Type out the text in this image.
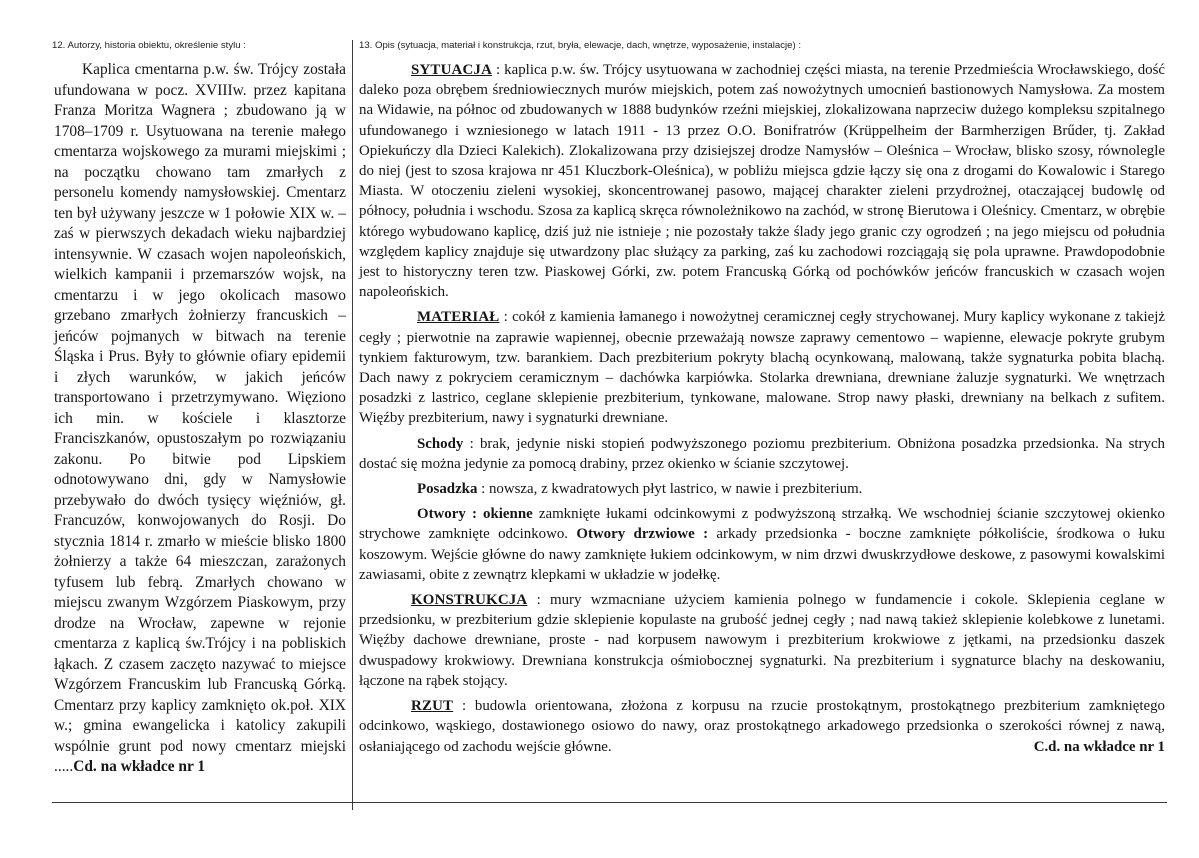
12. Autorzy, historia obiektu, określenie stylu :
Kaplica cmentarna p.w. św. Trójcy została ufundowana w pocz. XVIIIw. przez kapitana Franza Moritza Wagnera ; zbudowano ją w 1708–1709 r. Usytuowana na terenie małego cmentarza wojskowego za murami miejskimi ; na początku chowano tam zmarłych z personelu komendy namysłowskiej. Cmentarz ten był używany jeszcze w 1 połowie XIX w. – zaś w pierwszych dekadach wieku najbardziej intensywnie. W czasach wojen napoleońskich, wielkich kampanii i przemarszów wojsk, na cmentarzu i w jego okolicach masowo grzebano zmarłych żołnierzy francuskich – jeńców pojmanych w bitwach na terenie Śląska i Prus. Były to głównie ofiary epidemii i złych warunków, w jakich jeńców transportowano i przetrzymywano. Więziono ich min. w kościele i klasztorze Franciszkanów, opustoszałym po rozwiązaniu zakonu. Po bitwie pod Lipskiem odnotowywano dni, gdy w Namysłowie przebywało do dwóch tysięcy więźniów, gł. Francuzów, konwojowanych do Rosji. Do stycznia 1814 r. zmarło w mieście blisko 1800 żołnierzy a także 64 mieszczan, zarażonych tyfusem lub febrą. Zmarłych chowano w miejscu zwanym Wzgórzem Piaskowym, przy drodze na Wrocław, zapewne w rejonie cmentarza z kaplicą św.Trójcy i na pobliskich łąkach. Z czasem zaczęto nazywać to miejsce Wzgórzem Francuskim lub Francuską Górką. Cmentarz przy kaplicy zamknięto ok.poł. XIX w.; gmina ewangelicka i katolicy zakupili wspólnie grunt pod nowy cmentarz miejski .....Cd. na wkładce nr 1
13. Opis (sytuacja, materiał i konstrukcja, rzut, bryła, elewacje, dach, wnętrze, wyposażenie, instalacje) :

SYTUACJA : kaplica p.w. św. Trójcy usytuowana w zachodniej części miasta, na terenie Przedmieścia Wrocławskiego, dość daleko poza obrębem średniowiecznych murów miejskich, potem zaś nowożytnych umocnień bastionowych Namysłowa. Za mostem na Widawie, na północ od zbudowanych w 1888 budynków rzeźni miejskiej, zlokalizowana naprzeciw dużego kompleksu szpitalnego ufundowanego i wzniesionego w latach 1911 - 13 przez O.O. Bonifratrów (Krüppelheim der Barmherzigen Brűder, tj. Zakład Opiekuńczy dla Dzieci Kalekich). Zlokalizowana przy dzisiejszej drodze Namysłów – Oleśnica – Wrocław, blisko szosy, równolegle do niej (jest to szosa krajowa nr 451 Kluczbork-Oleśnica), w pobliżu miejsca gdzie łączy się ona z drogami do Kowalowic i Starego Miasta. W otoczeniu zieleni wysokiej, skoncentrowanej pasowo, mającej charakter zieleni przydrożnej, otaczającej budowlę od północy, południa i wschodu. Szosa za kaplicą skręca równoleżnikowo na zachód, w stronę Bierutowa i Oleśnicy. Cmentarz, w obrębie którego wybudowano kaplicę, dziś już nie istnieje ; nie pozostały także ślady jego granic czy ogrodzeń ; na jego miejscu od południa względem kaplicy znajduje się utwardzony plac służący za parking, zaś ku zachodowi rozciągają się pola uprawne. Prawdopodobnie jest to historyczny teren tzw. Piaskowej Górki, zw. potem Francuską Górką od pochówków jeńców francuskich w czasach wojen napoleońskich.

MATERIAŁ : cokół z kamienia łamanego i nowożytnej ceramicznej cegły strychowanej. Mury kaplicy wykonane z takiejż cegły ; pierwotnie na zaprawie wapiennej, obecnie przeważają nowsze zaprawy cementowo – wapienne, elewacje pokryte grubym tynkiem fakturowym, tzw. barankiem. Dach prezbiterium pokryty blachą ocynkowaną, malowaną, także sygnaturka pobita blachą. Dach nawy z pokryciem ceramicznym – dachówka karpiówka. Stolarka drewniana, drewniane żaluzje sygnaturki. We wnętrzach posadzki z lastrico, ceglane sklepienie prezbiterium, tynkowane, malowane. Strop nawy płaski, drewniany na belkach z sufitem. Więźby prezbiterium, nawy i sygnaturki drewniane.

Schody : brak, jedynie niski stopień podwyższonego poziomu prezbiterium. Obniżona posadzka przedsionka. Na strych dostać się można jedynie za pomocą drabiny, przez okienko w ścianie szczytowej.

Posadzka : nowsza, z kwadratowych płyt lastrico, w nawie i prezbiterium.

Otwory : okienne zamknięte łukami odcinkowymi z podwyższoną strzałką. We wschodniej ścianie szczytowej okienko strychowe zamknięte odcinkowo. Otwory drzwiowe : arkady przedsionka - boczne zamknięte półkoliście, środkowa o łuku koszowym. Wejście główne do nawy zamknięte łukiem odcinkowym, w nim drzwi dwuskrzydłowe deskowe, z pasowymi kowalskimi zawiasami, obite z zewnątrz klepkami w układzie w jodełkę.

KONSTRUKCJA : mury wzmacniane użyciem kamienia polnego w fundamencie i cokole. Sklepienia ceglane w przedsionku, w prezbiterium gdzie sklepienie kopulaste na grubość jednej cegły ; nad nawą takież sklepienie kolebkowe z lunetami. Więźby dachowe drewniane, proste - nad korpusem nawowym i prezbiterium krokwiowe z jętkami, na przedsionku daszek dwuspadowy krokwiowy. Drewniana konstrukcja ośmiobocznej sygnaturki. Na prezbiterium i sygnaturce blachy na deskowaniu, łączone na rąbek stojący.

RZUT : budowla orientowana, złożona z korpusu na rzucie prostokątnym, prostokątnego prezbiterium zamkniętego odcinkowo, wąskiego, dostawionego osiowo do nawy, oraz prostokątnego arkadowego przedsionka o szerokości równej z nawą, osłaniającego od zachodu wejście główne.	C.d. na wkładce nr 1
